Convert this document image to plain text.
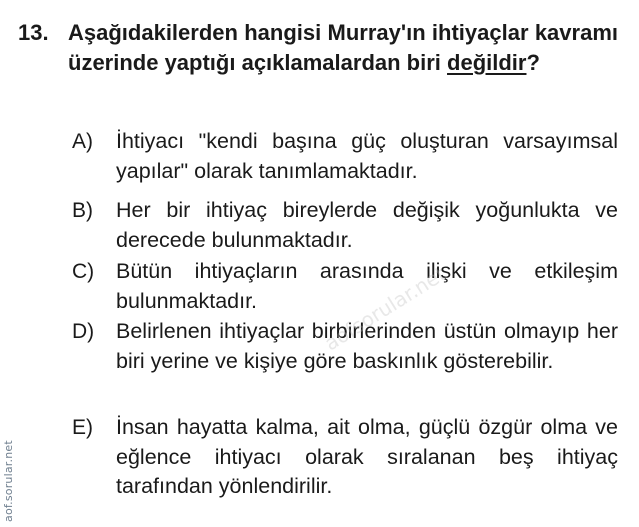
13. Aşağıdakilerden hangisi Murray'ın ihtiyaçlar kavramı üzerinde yaptığı açıklamalardan biri değildir?
A) İhtiyacı "kendi başına güç oluşturan varsayımsal yapılar" olarak tanımlamaktadır.
B) Her bir ihtiyaç bireylerde değişik yoğunlukta ve derecede bulunmaktadır.
C) Bütün ihtiyaçların arasında ilişki ve etkileşim bulunmaktadır.
D) Belirlenen ihtiyaçlar birbirlerinden üstün olmayıp her biri yerine ve kişiye göre baskınlık gösterebilir.
E) İnsan hayatta kalma, ait olma, güçlü özgür olma ve eğlence ihtiyacı olarak sıralanan beş ihtiyaç tarafından yönlendirilir.
aofsorular.net
aof.sorular.net
